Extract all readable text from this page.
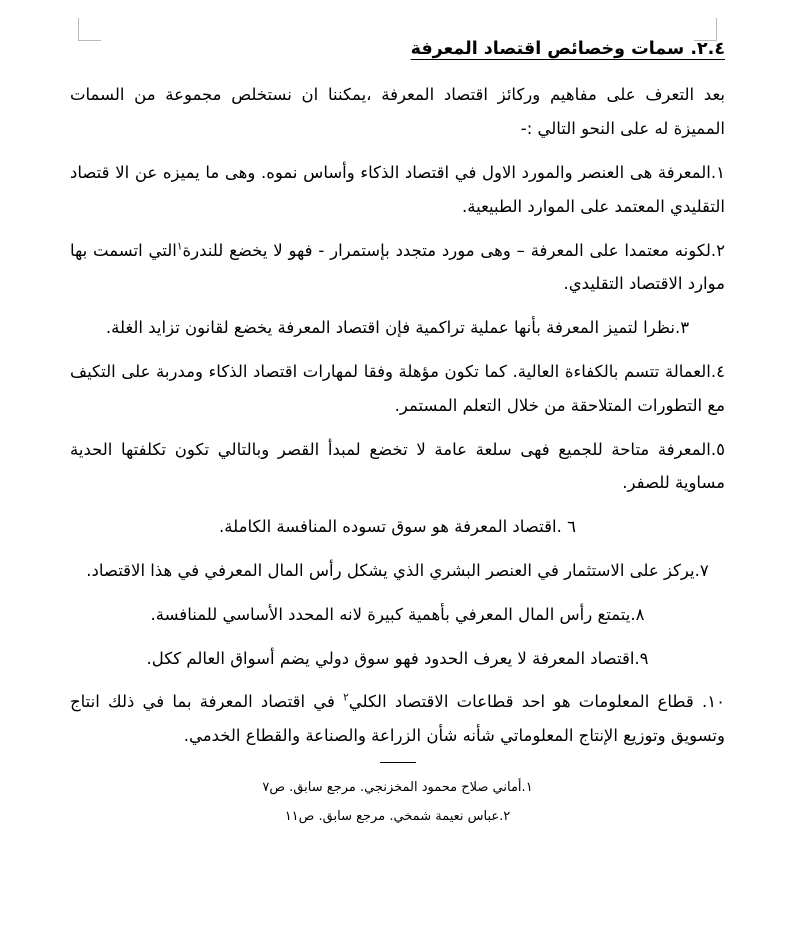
٢.٤. سمات وخصائص اقتصاد المعرفة

بعد التعرف على مفاهيم وركائز اقتصاد المعرفة ،يمكننا ان نستخلص مجموعة من السمات المميزة له على النحو التالي :-

١.المعرفة هى العنصر والمورد الاول في اقتصاد الذكاء وأساس نموه. وهى ما يميزه عن الا قتصاد التقليدي المعتمد على الموارد الطبيعية.
٢.لكونه معتمدا على المعرفة – وهى مورد متجدد بإستمرار - فهو لا يخضع للندرة$^١$التي اتسمت بها موارد الاقتصاد التقليدي.
٣.نظرا لتميز المعرفة بأنها عملية تراكمية فإن اقتصاد المعرفة يخضع لقانون تزايد الغلة.
٤.العمالة تتسم بالكفاءة العالية. كما تكون مؤهلة وفقا لمهارات اقتصاد الذكاء ومدربة على التكيف مع التطورات المتلاحقة من خلال التعلم المستمر.
٥.المعرفة متاحة للجميع فهى سلعة عامة لا تخضع لمبدأ القصر وبالتالي تكون تكلفتها الحدية مساوية للصفر.
٦ .اقتصاد المعرفة هو سوق تسوده المنافسة الكاملة.
٧.يركز على الاستثمار في العنصر البشري الذي يشكل رأس المال المعرفي في هذا الاقتصاد.
٨.يتمتع رأس المال المعرفي بأهمية كبيرة لانه المحدد الأساسي للمنافسة.
٩.اقتصاد المعرفة لا يعرف الحدود فهو سوق دولي يضم أسواق العالم ككل.
١٠. قطاع المعلومات هو احد قطاعات الاقتصاد الكلي$^٢$ في اقتصاد المعرفة بما في ذلك انتاج وتسويق وتوزيع الإنتاج المعلوماتي شأنه شأن الزراعة والصناعة والقطاع الخدمي.

١.أماني صلاح محمود المخزنجي. مرجع سابق. ص٧

٢.عباس نعيمة شمخي. مرجع سابق. ص١١
